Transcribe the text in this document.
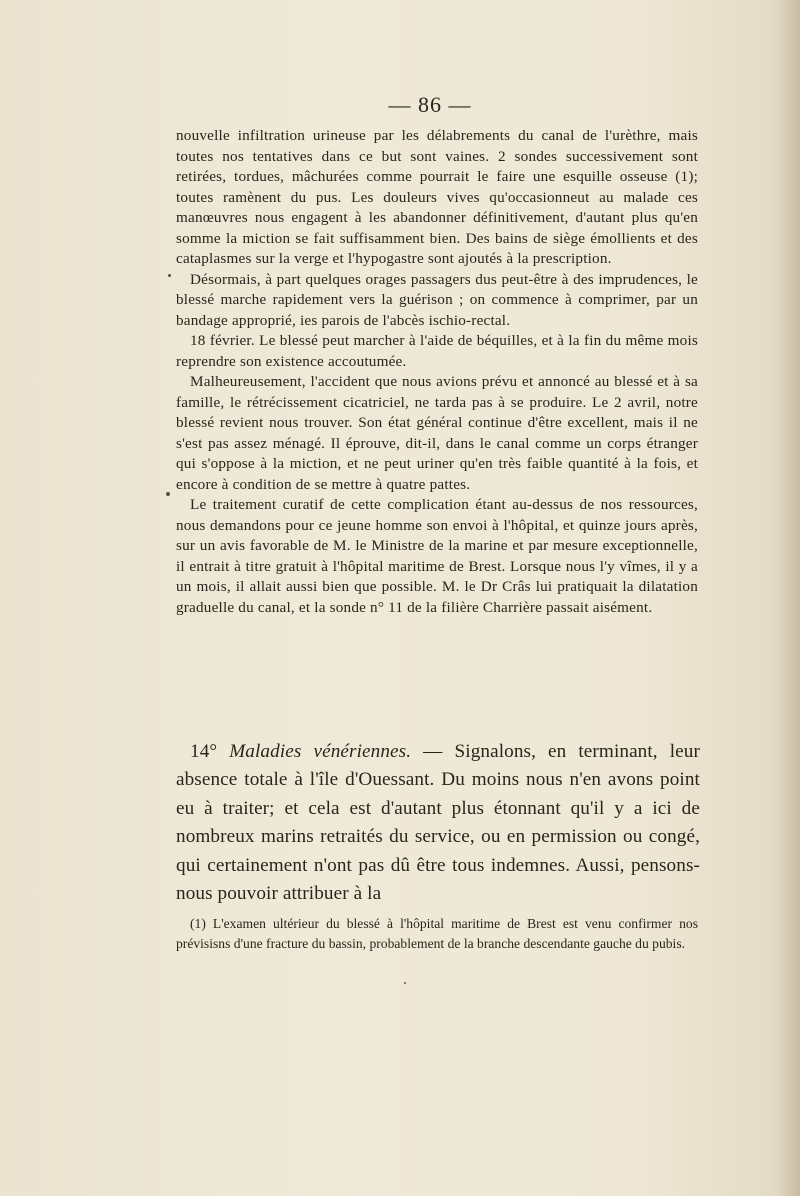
— 86 —

nouvelle infiltration urineuse par les délabrements du canal de l'urèthre, mais toutes nos tentatives dans ce but sont vaines. 2 sondes successivement sont retirées, tordues, mâchurées comme pourrait le faire une esquille osseuse (1); toutes ramènent du pus. Les douleurs vives qu'occasionneut au malade ces manœuvres nous engagent à les abandonner définitivement, d'autant plus qu'en somme la miction se fait suffisamment bien. Des bains de siège émollients et des cataplasmes sur la verge et l'hypogastre sont ajoutés à la prescription.

Désormais, à part quelques orages passagers dus peut-être à des imprudences, le blessé marche rapidement vers la guérison ; on commence à comprimer, par un bandage approprié, ies parois de l'abcès ischio-rectal.

18 février. Le blessé peut marcher à l'aide de béquilles, et à la fin du même mois reprendre son existence accoutumée.

Malheureusement, l'accident que nous avions prévu et annoncé au blessé et à sa famille, le rétrécissement cicatriciel, ne tarda pas à se produire. Le 2 avril, notre blessé revient nous trouver. Son état général continue d'être excellent, mais il ne s'est pas assez ménagé. Il éprouve, dit-il, dans le canal comme un corps étranger qui s'oppose à la miction, et ne peut uriner qu'en très faible quantité à la fois, et encore à condition de se mettre à quatre pattes.

Le traitement curatif de cette complication étant au-dessus de nos ressources, nous demandons pour ce jeune homme son envoi à l'hôpital, et quinze jours après, sur un avis favorable de M. le Ministre de la marine et par mesure exceptionnelle, il entrait à titre gratuit à l'hôpital maritime de Brest. Lorsque nous l'y vîmes, il y a un mois, il allait aussi bien que possible. M. le Dr Crâs lui pratiquait la dilatation graduelle du canal, et la sonde n° 11 de la filière Charrière passait aisément.

14° Maladies vénériennes. — Signalons, en terminant, leur absence totale à l'île d'Ouessant. Du moins nous n'en avons point eu à traiter; et cela est d'autant plus étonnant qu'il y a ici de nombreux marins retraités du service, ou en permission ou congé, qui certainement n'ont pas dû être tous indemnes. Aussi, pensons-nous pouvoir attribuer à la

(1) L'examen ultérieur du blessé à l'hôpital maritime de Brest est venu confirmer nos prévisisns d'une fracture du bassin, probablement de la branche descendante gauche du pubis.
